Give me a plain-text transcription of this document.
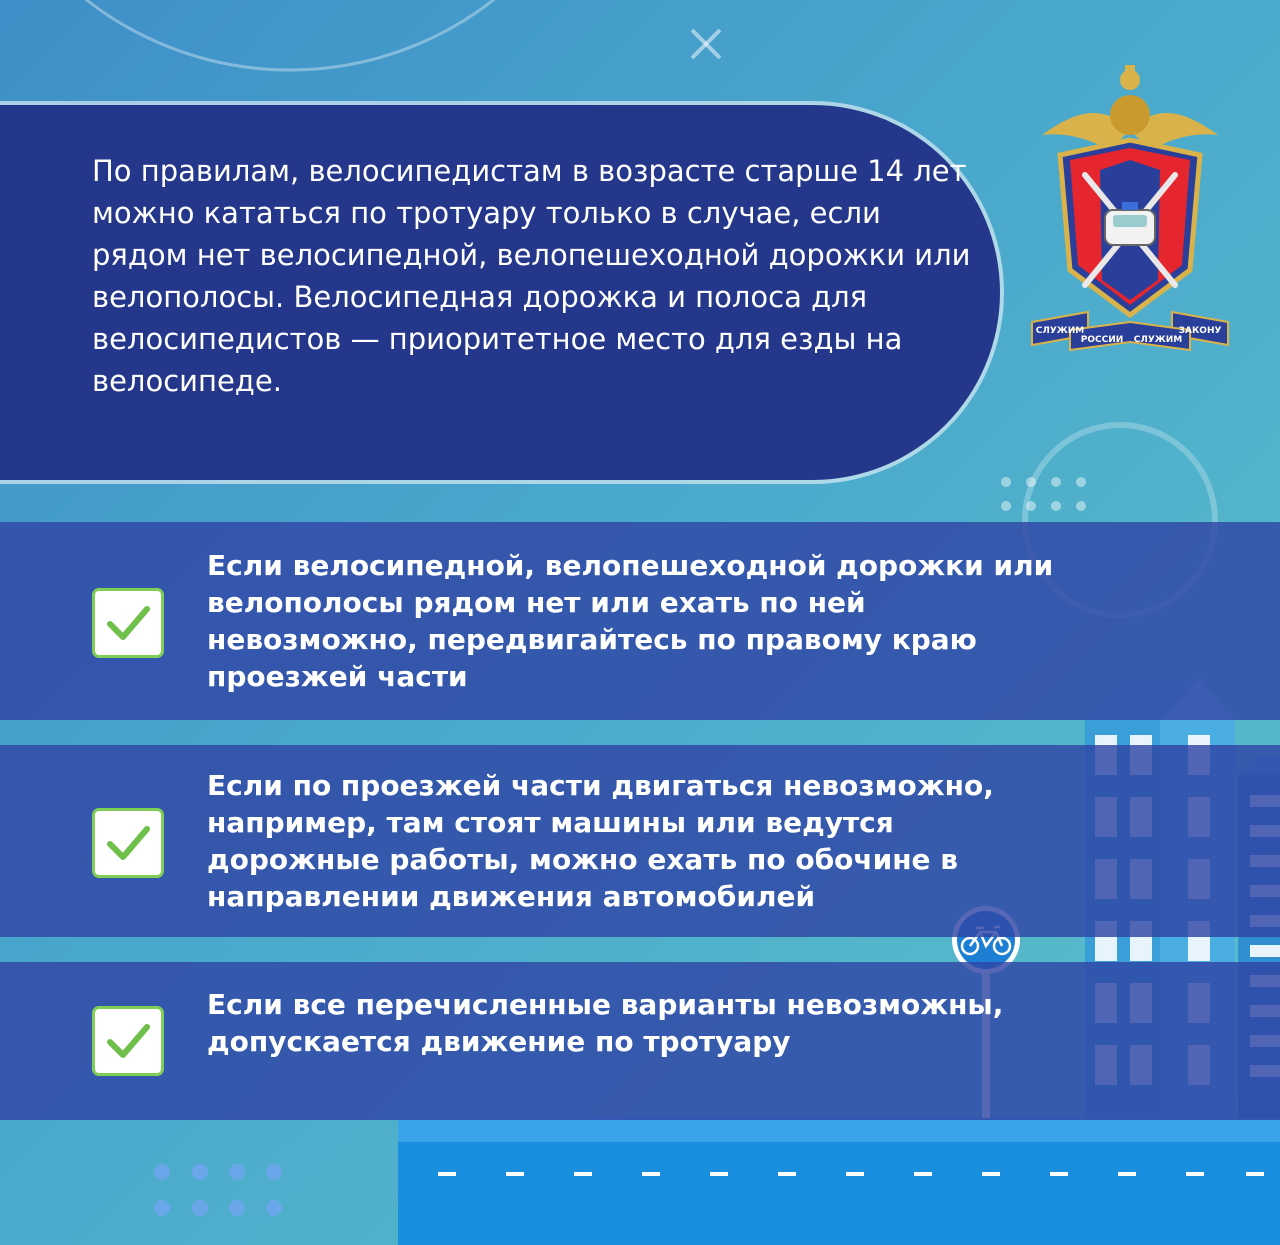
По правилам, велосипедистам в возрасте старше 14 лет можно кататься по тротуару только в случае, если рядом нет велосипедной, велопешеходной дорожки или велополосы. Велосипедная дорожка и полоса для велосипедистов — приоритетное место для езды на велосипеде.

СЛУЖИМ	ЗАКОНУ
РОССИИ СЛУЖИМ

Если велосипедной, велопешеходной дорожки или велополосы рядом нет или ехать по ней невозможно, передвигайтесь по правому краю проезжей части

Если по проезжей части двигаться невозможно, например, там стоят машины или ведутся дорожные работы, можно ехать по обочине в направлении движения автомобилей

Если все перечисленные варианты невозможны, допускается движение по тротуару
